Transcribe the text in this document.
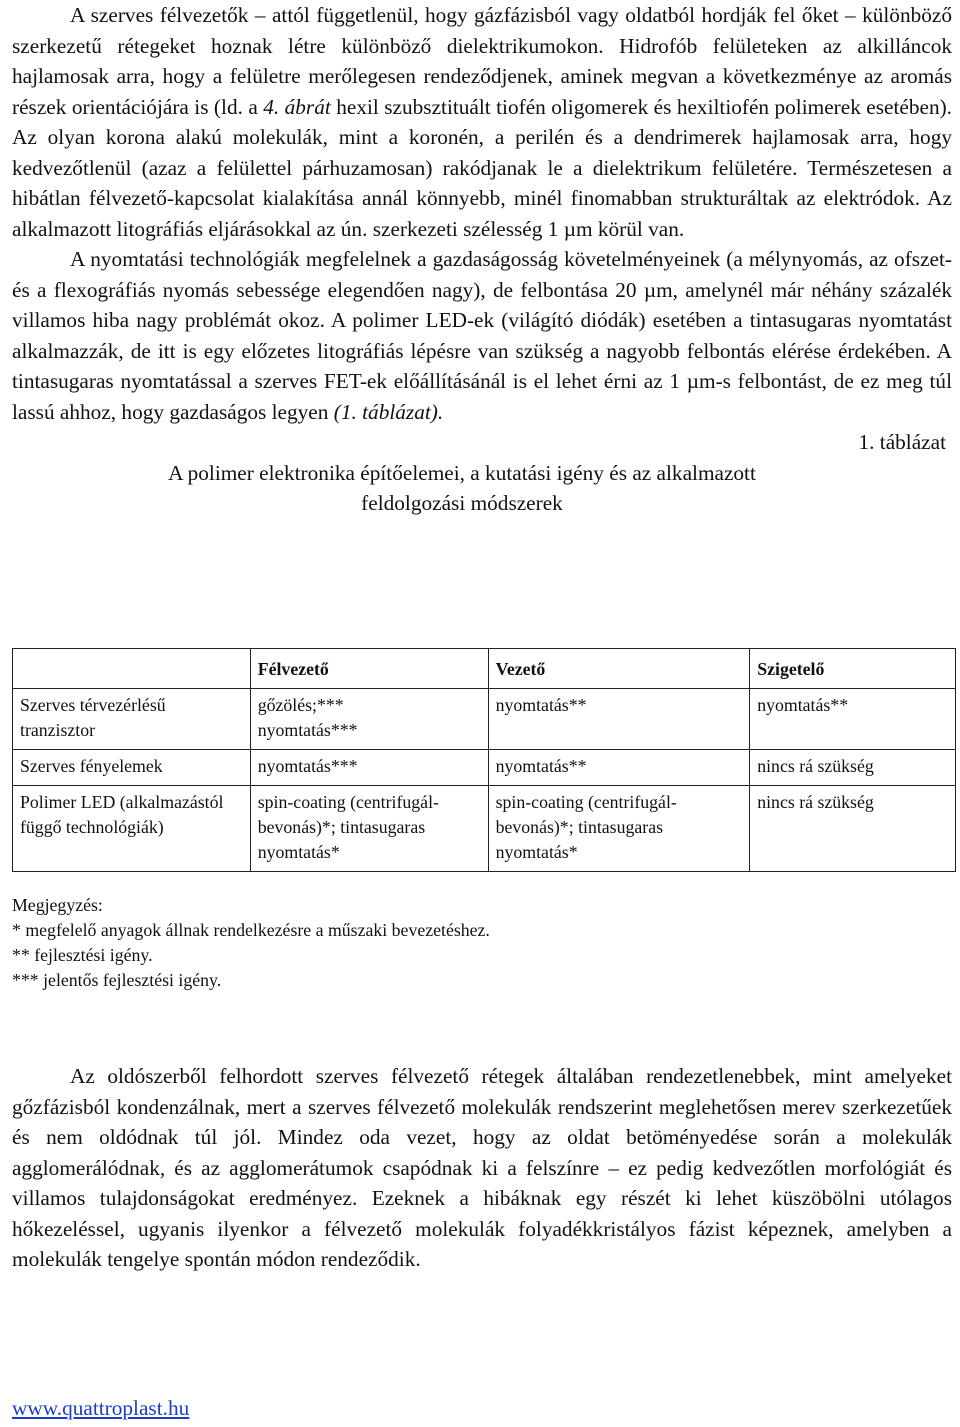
A szerves félvezetők – attól függetlenül, hogy gázfázisból vagy oldatból hordják fel őket – különböző szerkezetű rétegeket hoznak létre különböző dielektrikumokon. Hidrofób felületeken az alkilláncok hajlamosak arra, hogy a felületre merőlegesen rendeződjenek, aminek megvan a következménye az aromás részek orientációjára is (ld. a 4. ábrát hexil szubsztituált tiofén oligomerek és hexiltiofén polimerek esetében). Az olyan korona alakú molekulák, mint a koronén, a perilén és a dendrimerek hajlamosak arra, hogy kedvezőtlenül (azaz a felülettel párhuzamosan) rakódjanak le a dielektrikum felületére. Természetesen a hibátlan félvezető-kapcsolat kialakítása annál könnyebb, minél finomabban strukturáltak az elektródok. Az alkalmazott litográfiás eljárásokkal az ún. szerkezeti szélesség 1 µm körül van.

A nyomtatási technológiák megfelelnek a gazdaságosság követelményeinek (a mélynyomás, az ofszet- és a flexográfiás nyomás sebessége elegendően nagy), de felbontása 20 µm, amelynél már néhány százalék villamos hiba nagy problémát okoz. A polimer LED-ek (világító diódák) esetében a tintasugaras nyomtatást alkalmazzák, de itt is egy előzetes litográfiás lépésre van szükség a nagyobb felbontás elérése érdekében. A tintasugaras nyomtatással a szerves FET-ek előállításánál is el lehet érni az 1 µm-s felbontást, de ez meg túl lassú ahhoz, hogy gazdaságos legyen (1. táblázat).

1. táblázat

A polimer elektronika építőelemei, a kutatási igény és az alkalmazott

feldolgozási módszerek

	Félvezető	Vezető	Szigetelő
Szerves térvezérlésű tranzisztor	gőzölés;*** nyomtatás***	nyomtatás**	nyomtatás**
Szerves fényelemek	nyomtatás***	nyomtatás**	nincs rá szükség
Polimer LED (alkalmazástól függő technológiák)	spin-coating (centrifugál-bevonás)*; tintasugaras nyomtatás*	spin-coating (centrifugál-bevonás)*; tintasugaras nyomtatás*	nincs rá szükség
Megjegyzés:
* megfelelő anyagok állnak rendelkezésre a műszaki bevezetéshez.
** fejlesztési igény.
*** jelentős fejlesztési igény.

Az oldószerből felhordott szerves félvezető rétegek általában rendezetlenebbek, mint amelyeket gőzfázisból kondenzálnak, mert a szerves félvezető molekulák rendszerint meglehetősen merev szerkezetűek és nem oldódnak túl jól. Mindez oda vezet, hogy az oldat betöményedése során a molekulák agglomerálódnak, és az agglomerátumok csapódnak ki a felszínre – ez pedig kedvezőtlen morfológiát és villamos tulajdonságokat eredményez. Ezeknek a hibáknak egy részét ki lehet küszöbölni utólagos hőkezeléssel, ugyanis ilyenkor a félvezető molekulák folyadékkristályos fázist képeznek, amelyben a molekulák tengelye spontán módon rendeződik.

www.quattroplast.hu
